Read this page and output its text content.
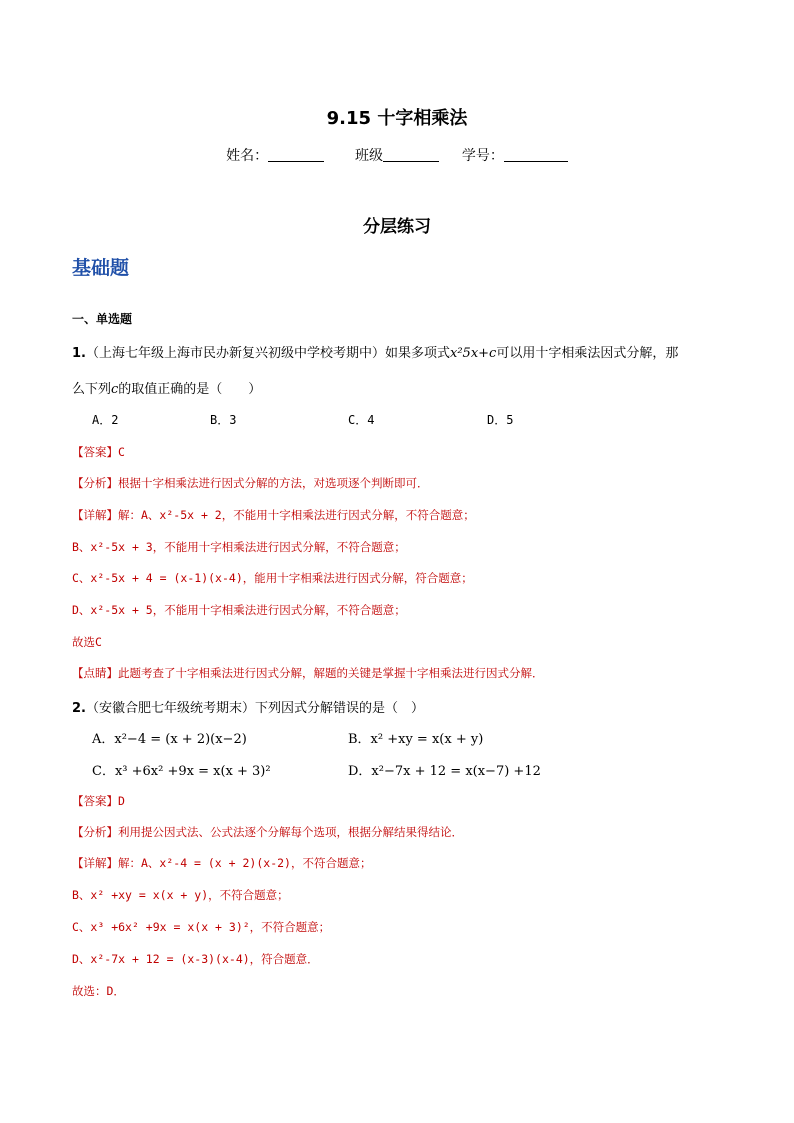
9.15 十字相乘法
姓名：	班级	学号：
分层练习
基础题
一、单选题
1.（上海七年级上海市民办新复兴初级中学校考期中）如果多项式x²5x+c可以用十字相乘法因式分解，那
么下列c的取值正确的是（　　）
A．2	B．3	C．4	D．5
【答案】C
【分析】根据十字相乘法进行因式分解的方法，对选项逐个判断即可．
【详解】解：A、x²-5x + 2，不能用十字相乘法进行因式分解，不符合题意；
B、x²-5x + 3，不能用十字相乘法进行因式分解，不符合题意；
C、x²-5x + 4 = (x-1)(x-4)，能用十字相乘法进行因式分解，符合题意；
D、x²-5x + 5，不能用十字相乘法进行因式分解，不符合题意；
故选C
【点睛】此题考查了十字相乘法进行因式分解，解题的关键是掌握十字相乘法进行因式分解．
2.（安徽合肥七年级统考期末）下列因式分解错误的是（　）
A．x²−4 = (x + 2)(x−2)	B．x² +xy = x(x + y)
C．x³ +6x² +9x = x(x + 3)²	D．x²−7x + 12 = x(x−7) +12
【答案】D
【分析】利用提公因式法、公式法逐个分解每个选项，根据分解结果得结论．
【详解】解：A、x²-4 = (x + 2)(x-2)，不符合题意；
B、x² +xy = x(x + y)，不符合题意；
C、x³ +6x² +9x = x(x + 3)²，不符合题意；
D、x²-7x + 12 = (x-3)(x-4)，符合题意．
故选：D．
